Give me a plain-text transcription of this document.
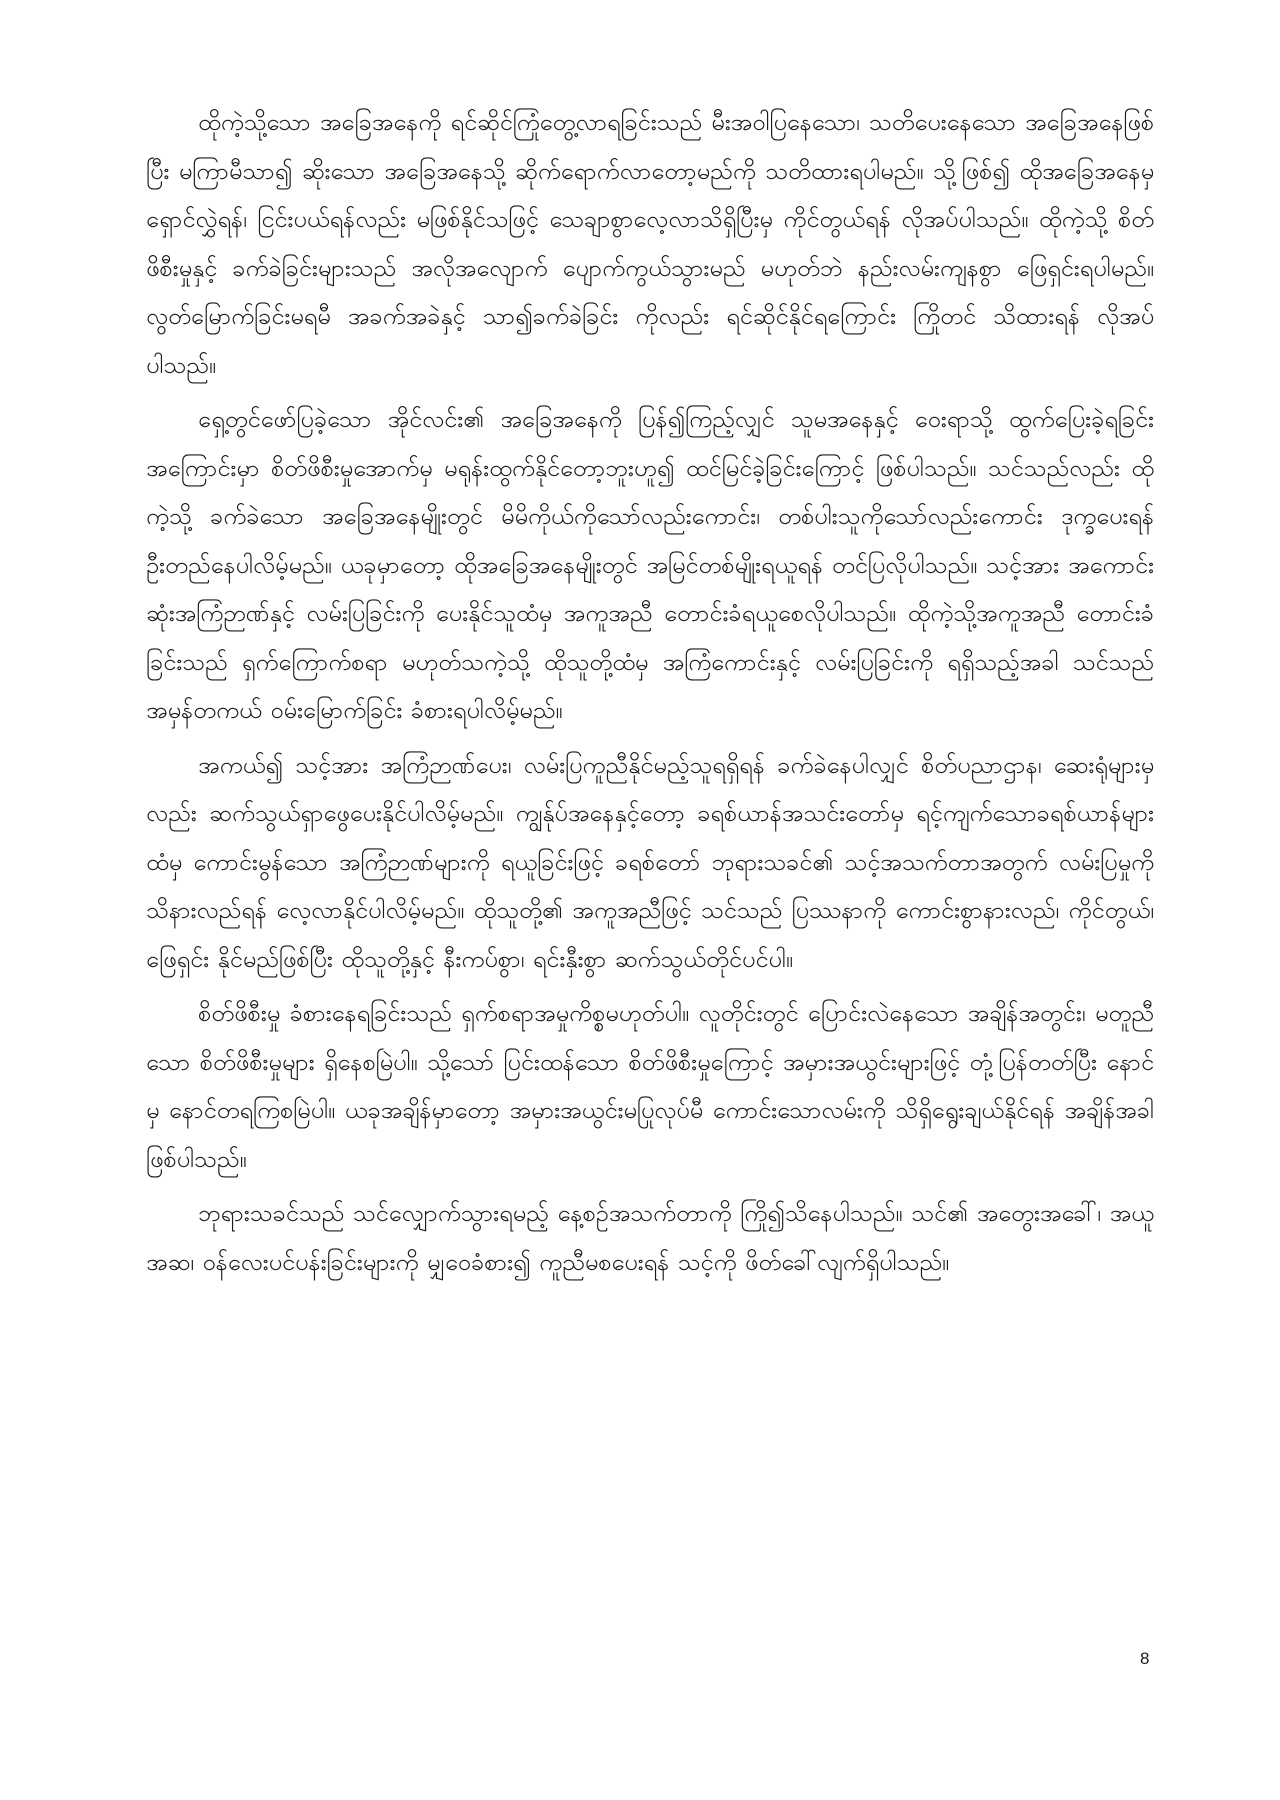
ထိုကဲ့သို့သော အခြေအနေကို ရင်ဆိုင်ကြုံတွေ့လာရခြင်းသည် မီးအဝါပြနေသော၊ သတိပေးနေသော အခြေအနေဖြစ်ပြီး မကြာမီသာ၍ ဆိုးသော အခြေအနေသို့ ဆိုက်ရောက်လာတော့မည်ကို သတိထားရပါမည်။ သို့ဖြစ်၍ ထိုအခြေအနေမှ ရှောင်လွှဲရန်၊ ငြင်းပယ်ရန်လည်း မဖြစ်နိုင်သဖြင့် သေချာစွာလေ့လာသိရှိပြီးမှ ကိုင်တွယ်ရန် လိုအပ်ပါသည်။ ထိုကဲ့သို့ စိတ်ဖိစီးမှုနှင့် ခက်ခဲခြင်းများသည် အလိုအလျောက် ပျောက်ကွယ်သွားမည် မဟုတ်ဘဲ နည်းလမ်းကျနစွာ ဖြေရှင်းရပါမည်။ လွတ်မြောက်ခြင်းမရမီ အခက်အခဲနှင့် သာ၍ခက်ခဲခြင်း ကိုလည်း ရင်ဆိုင်နိုင်ရကြောင်း ကြိုတင် သိထားရန် လိုအပ်ပါသည်။

ရှေ့တွင်ဖော်ပြခဲ့သော အိုင်လင်း၏ အခြေအနေကို ပြန်၍ကြည့်လျှင် သူမအနေနှင့် ဝေးရာသို့ ထွက်ပြေးခဲ့ရခြင်းအကြောင်းမှာ စိတ်ဖိစီးမှုအောက်မှ မရုန်းထွက်နိုင်တော့ဘူးဟူ၍ ထင်မြင်ခဲ့ခြင်းကြောင့် ဖြစ်ပါသည်။ သင်သည်လည်း ထိုကဲ့သို့ ခက်ခဲသော အခြေအနေမျိုးတွင် မိမိကိုယ်ကိုသော်လည်းကောင်း၊ တစ်ပါးသူကိုသော်လည်းကောင်း ဒုက္ခပေးရန် ဦးတည်နေပါလိမ့်မည်။ ယခုမှာတော့ ထိုအခြေအနေမျိုးတွင် အမြင်တစ်မျိုးရယူရန် တင်ပြလိုပါသည်။ သင့်အား အကောင်းဆုံးအကြံဉာဏ်နှင့် လမ်းပြခြင်းကို ပေးနိုင်သူထံမှ အကူအညီ တောင်းခံရယူစေလိုပါသည်။ ထိုကဲ့သို့အကူအညီ တောင်းခံခြင်းသည် ရှက်ကြောက်စရာ မဟုတ်သကဲ့သို့ ထိုသူတို့ထံမှ အကြံကောင်းနှင့် လမ်းပြခြင်းကို ရရှိသည့်အခါ သင်သည် အမှန်တကယ် ဝမ်းမြောက်ခြင်း ခံစားရပါလိမ့်မည်။

အကယ်၍ သင့်အား အကြံဉာဏ်ပေး၊ လမ်းပြကူညီနိုင်မည့်သူရရှိရန် ခက်ခဲနေပါလျှင် စိတ်ပညာဌာန၊ ဆေးရုံများမှလည်း ဆက်သွယ်ရှာဖွေပေးနိုင်ပါလိမ့်မည်။ ကျွန်ုပ်အနေနှင့်တော့ ခရစ်ယာန်အသင်းတော်မှ ရင့်ကျက်သောခရစ်ယာန်များထံမှ ကောင်းမွန်သော အကြံဉာဏ်များကို ရယူခြင်းဖြင့် ခရစ်တော် ဘုရားသခင်၏ သင့်အသက်တာအတွက် လမ်းပြမှုကို သိနားလည်ရန် လေ့လာနိုင်ပါလိမ့်မည်။ ထိုသူတို့၏ အကူအညီဖြင့် သင်သည် ပြဿနာကို ကောင်းစွာနားလည်၊ ကိုင်တွယ်၊ ဖြေရှင်း နိုင်မည်ဖြစ်ပြီး ထိုသူတို့နှင့် နီးကပ်စွာ၊ ရင်းနှီးစွာ ဆက်သွယ်တိုင်ပင်ပါ။

စိတ်ဖိစီးမှု ခံစားနေရခြင်းသည် ရှက်စရာအမှုကိစ္စမဟုတ်ပါ။ လူတိုင်းတွင် ပြောင်းလဲနေသော အချိန်အတွင်း၊ မတူညီသော စိတ်ဖိစီးမှုများ ရှိနေစမြဲပါ။ သို့သော် ပြင်းထန်သော စိတ်ဖိစီးမှုကြောင့် အမှားအယွင်းများဖြင့် တုံ့ပြန်တတ်ပြီး နောင်မှ နောင်တရကြစမြဲပါ။ ယခုအချိန်မှာတော့ အမှားအယွင်းမပြုလုပ်မီ ကောင်းသောလမ်းကို သိရှိရွေးချယ်နိုင်ရန် အချိန်အခါဖြစ်ပါသည်။

ဘုရားသခင်သည် သင်လျှောက်သွားရမည့် နေ့စဉ်အသက်တာကို ကြို၍သိနေပါသည်။ သင်၏ အတွေးအခေါ်၊ အယူအဆ၊ ဝန်လေးပင်ပန်းခြင်းများကို မျှဝေခံစား၍ ကူညီမစပေးရန် သင့်ကို ဖိတ်ခေါ်လျက်ရှိပါသည်။

8
